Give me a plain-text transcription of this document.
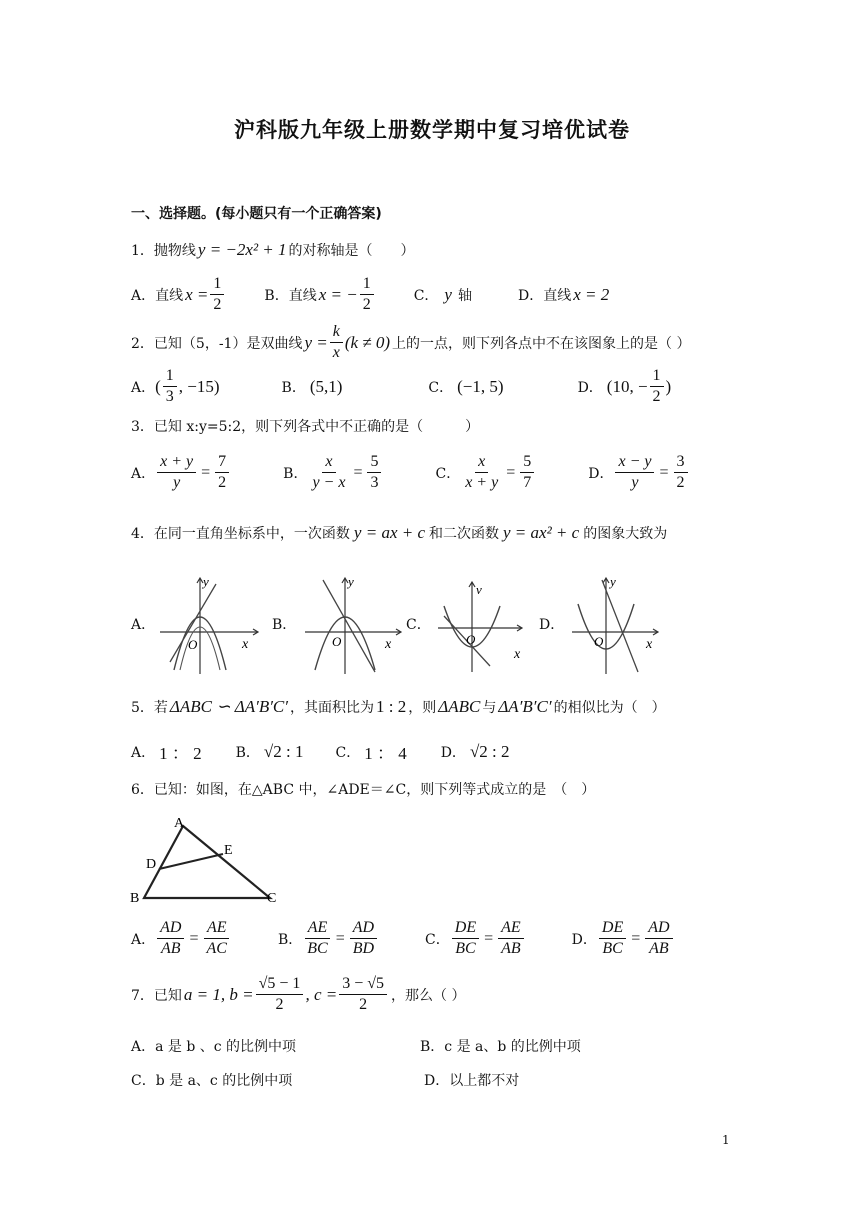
沪科版九年级上册数学期中复习培优试卷
一、选择题。(每小题只有一个正确答案)
1．抛物线 y = −2x² + 1 的对称轴是（　　）
A．直线 $x = \frac{1}{2}$	B．直线 x = − $\frac{1}{2}$	C． y 轴	D．直线 x = 2
2．已知（5，-1）是双曲线 $y = \frac{k}{x} (k \ne 0)$ 上的一点，则下列各点中不在该图象上的是（ ）
A． ( $\frac{1}{3}$ , −15)	B． (5,1)	C． (−1, 5)	D． (10, − $\frac{1}{2}$ )
3．已知 x:y=5:2，则下列各式中不正确的是（　　　）
A． $\frac{x + y}{y} = \frac{7}{2}$	B． $\frac{x}{y - x} = \frac{5}{3}$	C． $\frac{x}{x + y} = \frac{5}{7}$	D． $\frac{x - y}{y} = \frac{3}{2}$
4．在同一直角坐标系中，一次函数 y = ax + c 和二次函数 y = ax² + c 的图象大致为
A．	B．	C．	D．
y
x
O
y
x
O
v
x
O
y
x
O
5．若 ΔABC ∽ ΔA′B′C′ ，其面积比为 1 : 2 ，则 ΔABC 与 ΔA′B′C′ 的相似比为（　）
A． 1 ： 2 B． √2 : 1 C． 1 ： 4 D． √2 : 2
6．已知：如图，在△ABC 中，∠ADE＝∠C，则下列等式成立的是　（　）
A
B	C
D
E
A． $\frac{AD}{AB} = \frac{AE}{AC}$	B． $\frac{AE}{BC} = \frac{AD}{BD}$	C． $\frac{DE}{BC} = \frac{AE}{AB}$	D． $\frac{DE}{BC} = \frac{AD}{AB}$
7．已知 a = 1, $b = \frac{√5 - 1}{2}$ , $c = \frac{3 - √5}{2}$ ，那么（ ）
A．a 是 b 、c 的比例中项	B．c 是 a、b 的比例中项
C．b 是 a、c 的比例中项	D．以上都不对
1
